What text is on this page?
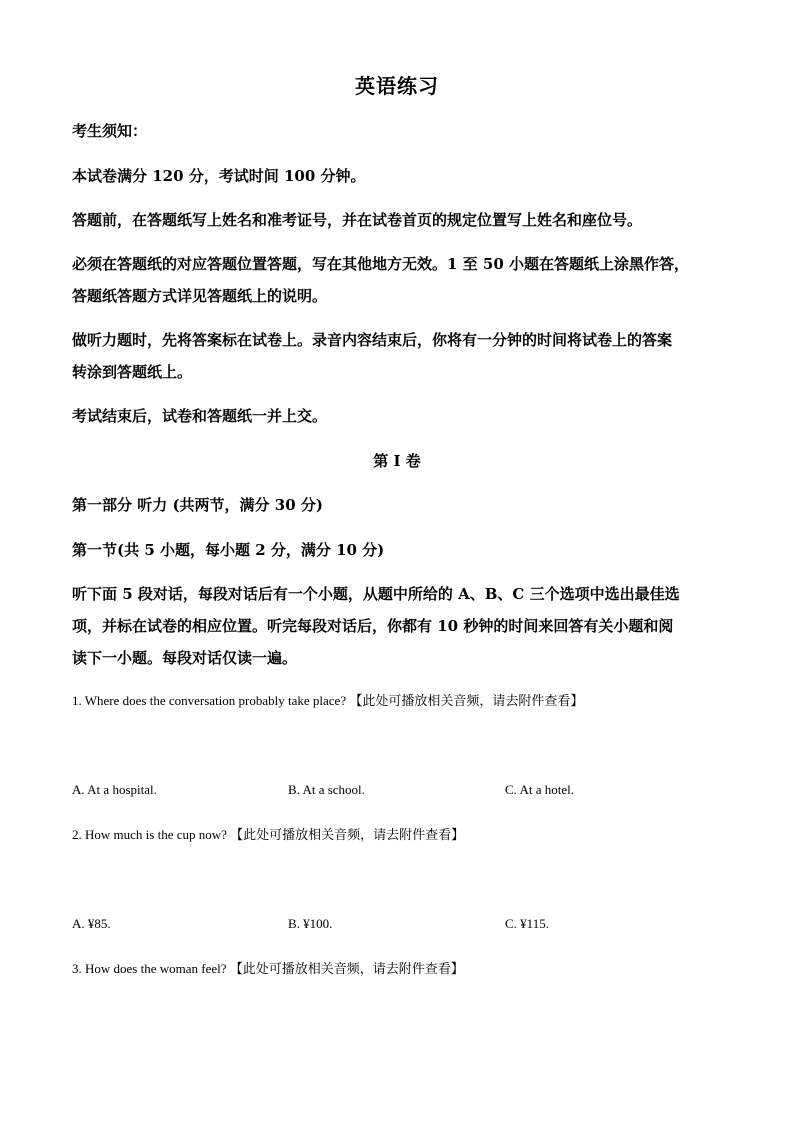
英语练习
考生须知：
本试卷满分 120 分，考试时间 100 分钟。
答题前，在答题纸写上姓名和准考证号，并在试卷首页的规定位置写上姓名和座位号。
必须在答题纸的对应答题位置答题，写在其他地方无效。1 至 50 小题在答题纸上涂黑作答，
答题纸答题方式详见答题纸上的说明。
做听力题时，先将答案标在试卷上。录音内容结束后，你将有一分钟的时间将试卷上的答案
转涂到答题纸上。
考试结束后，试卷和答题纸一并上交。
第 I 卷
第一部分 听力 (共两节，满分 30 分)
第一节(共 5 小题，每小题 2 分，满分 10 分)
听下面 5 段对话，每段对话后有一个小题，从题中所给的 A、B、C 三个选项中选出最佳选
项，并标在试卷的相应位置。听完每段对话后，你都有 10 秒钟的时间来回答有关小题和阅
读下一小题。每段对话仅读一遍。
1. Where does the conversation probably take place? 【此处可播放相关音频，请去附件查看】
A. At a hospital.	B. At a school.	C. At a hotel.
2. How much is the cup now? 【此处可播放相关音频，请去附件查看】
A. ¥85.	B. ¥100.	C. ¥115.
3. How does the woman feel? 【此处可播放相关音频，请去附件查看】
